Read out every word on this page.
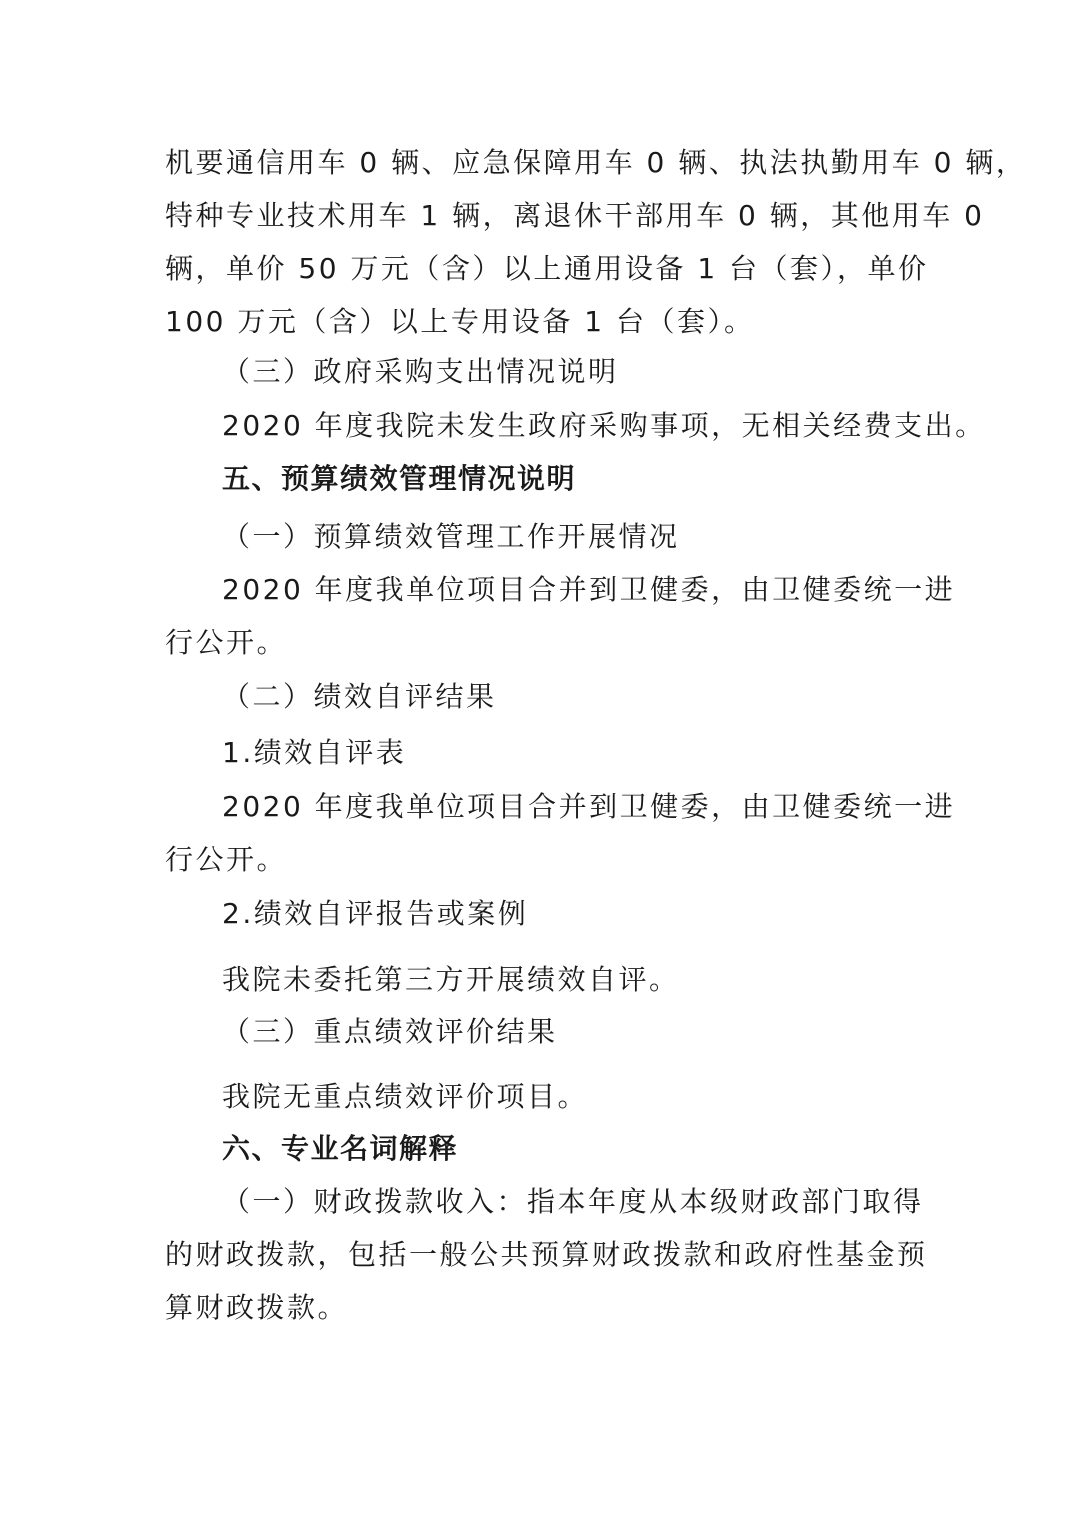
机要通信用车 0 辆、应急保障用车 0 辆、执法执勤用车 0 辆，
特种专业技术用车 1 辆，离退休干部用车 0 辆，其他用车 0
辆，单价 50 万元（含）以上通用设备 1 台（套），单价
100 万元（含）以上专用设备 1 台（套）。
（三）政府采购支出情况说明
2020 年度我院未发生政府采购事项，无相关经费支出。
五、预算绩效管理情况说明
（一）预算绩效管理工作开展情况
2020 年度我单位项目合并到卫健委，由卫健委统一进
行公开。
（二）绩效自评结果
1.绩效自评表
2020 年度我单位项目合并到卫健委，由卫健委统一进
行公开。
2.绩效自评报告或案例
我院未委托第三方开展绩效自评。
（三）重点绩效评价结果
我院无重点绩效评价项目。
六、专业名词解释
（一）财政拨款收入：指本年度从本级财政部门取得
的财政拨款，包括一般公共预算财政拨款和政府性基金预
算财政拨款。
